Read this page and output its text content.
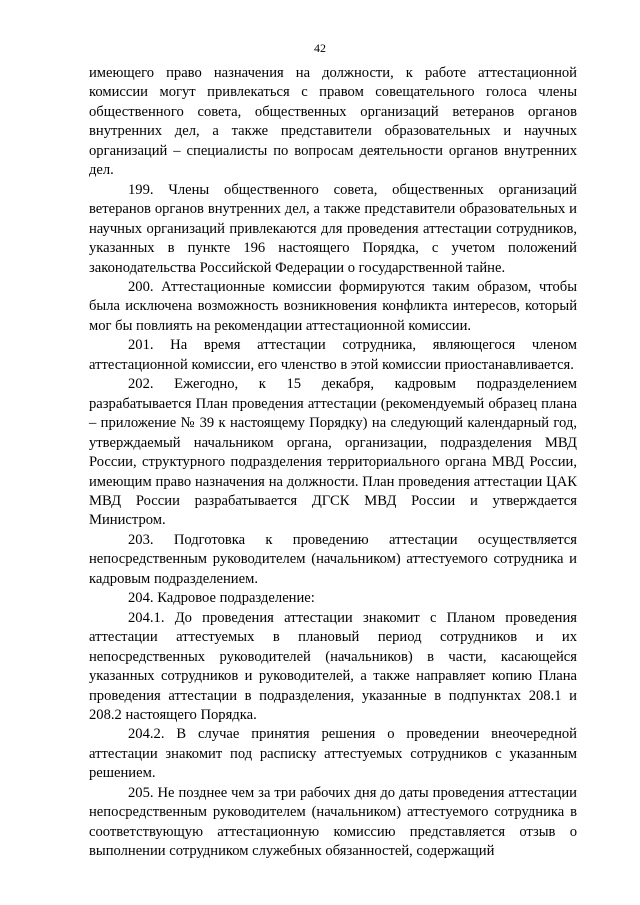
42

имеющего право назначения на должности, к работе аттестационной комиссии могут привлекаться с правом совещательного голоса члены общественного совета, общественных организаций ветеранов органов внутренних дел, а также представители образовательных и научных организаций – специалисты по вопросам деятельности органов внутренних дел.

199. Члены общественного совета, общественных организаций ветеранов органов внутренних дел, а также представители образовательных и научных организаций привлекаются для проведения аттестации сотрудников, указанных в пункте 196 настоящего Порядка, с учетом положений законодательства Российской Федерации о государственной тайне.

200. Аттестационные комиссии формируются таким образом, чтобы была исключена возможность возникновения конфликта интересов, который мог бы повлиять на рекомендации аттестационной комиссии.

201. На время аттестации сотрудника, являющегося членом аттестационной комиссии, его членство в этой комиссии приостанавливается.

202. Ежегодно, к 15 декабря, кадровым подразделением разрабатывается План проведения аттестации (рекомендуемый образец плана – приложение № 39 к настоящему Порядку) на следующий календарный год, утверждаемый начальником органа, организации, подразделения МВД России, структурного подразделения территориального органа МВД России, имеющим право назначения на должности. План проведения аттестации ЦАК МВД России разрабатывается ДГСК МВД России и утверждается Министром.

203. Подготовка к проведению аттестации осуществляется непосредственным руководителем (начальником) аттестуемого сотрудника и кадровым подразделением.

204. Кадровое подразделение:

204.1. До проведения аттестации знакомит с Планом проведения аттестации аттестуемых в плановый период сотрудников и их непосредственных руководителей (начальников) в части, касающейся указанных сотрудников и руководителей, а также направляет копию Плана проведения аттестации в подразделения, указанные в подпунктах 208.1 и 208.2 настоящего Порядка.

204.2. В случае принятия решения о проведении внеочередной аттестации знакомит под расписку аттестуемых сотрудников с указанным решением.

205. Не позднее чем за три рабочих дня до даты проведения аттестации непосредственным руководителем (начальником) аттестуемого сотрудника в соответствующую аттестационную комиссию представляется отзыв о выполнении сотрудником служебных обязанностей, содержащий
